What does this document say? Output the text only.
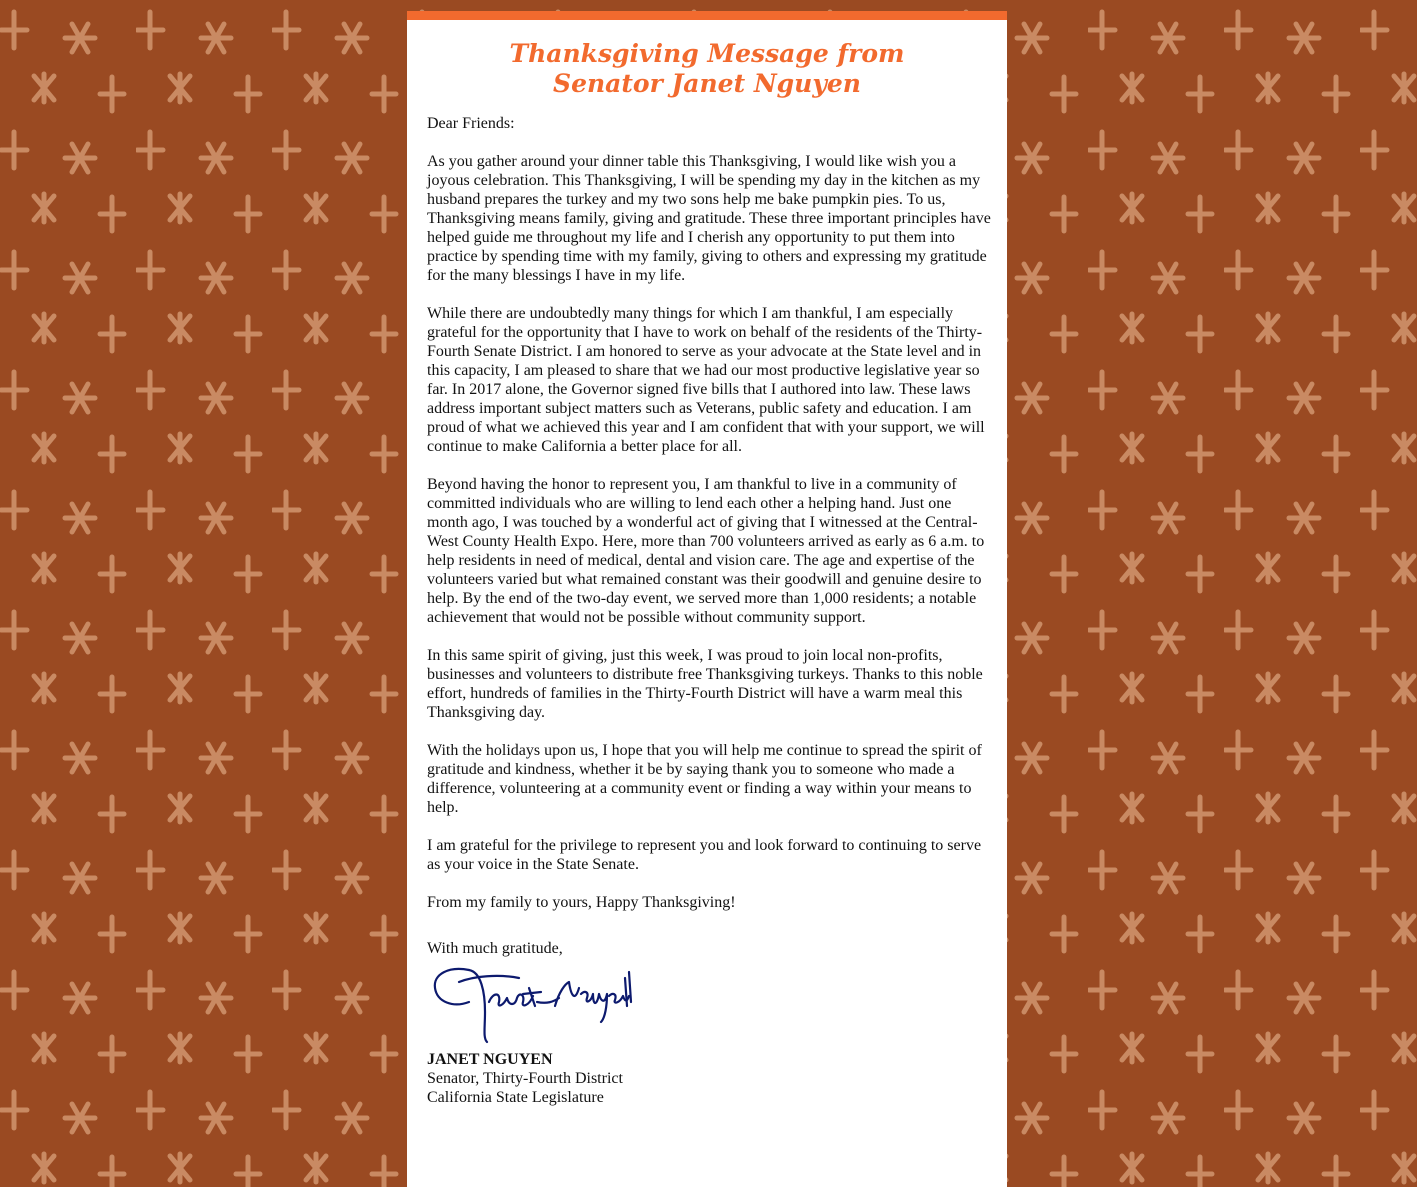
Thanksgiving Message from
Senator Janet Nguyen

Dear Friends:

As you gather around your dinner table this Thanksgiving, I would like wish you a joyous celebration. This Thanksgiving, I will be spending my day in the kitchen as my husband prepares the turkey and my two sons help me bake pumpkin pies. To us, Thanksgiving means family, giving and gratitude. These three important principles have helped guide me throughout my life and I cherish any opportunity to put them into practice by spending time with my family, giving to others and expressing my gratitude for the many blessings I have in my life.

While there are undoubtedly many things for which I am thankful, I am especially grateful for the opportunity that I have to work on behalf of the residents of the Thirty-Fourth Senate District. I am honored to serve as your advocate at the State level and in this capacity, I am pleased to share that we had our most productive legislative year so far. In 2017 alone, the Governor signed five bills that I authored into law. These laws address important subject matters such as Veterans, public safety and education. I am proud of what we achieved this year and I am confident that with your support, we will continue to make California a better place for all.

Beyond having the honor to represent you, I am thankful to live in a community of committed individuals who are willing to lend each other a helping hand. Just one month ago, I was touched by a wonderful act of giving that I witnessed at the Central-West County Health Expo. Here, more than 700 volunteers arrived as early as 6 a.m. to help residents in need of medical, dental and vision care. The age and expertise of the volunteers varied but what remained constant was their goodwill and genuine desire to help. By the end of the two-day event, we served more than 1,000 residents; a notable achievement that would not be possible without community support.

In this same spirit of giving, just this week, I was proud to join local non-profits, businesses and volunteers to distribute free Thanksgiving turkeys. Thanks to this noble effort, hundreds of families in the Thirty-Fourth District will have a warm meal this Thanksgiving day.

With the holidays upon us, I hope that you will help me continue to spread the spirit of gratitude and kindness, whether it be by saying thank you to someone who made a difference, volunteering at a community event or finding a way within your means to help.

I am grateful for the privilege to represent you and look forward to continuing to serve as your voice in the State Senate.

From my family to yours, Happy Thanksgiving!

With much gratitude,

JANET NGUYEN
Senator, Thirty-Fourth District
California State Legislature
